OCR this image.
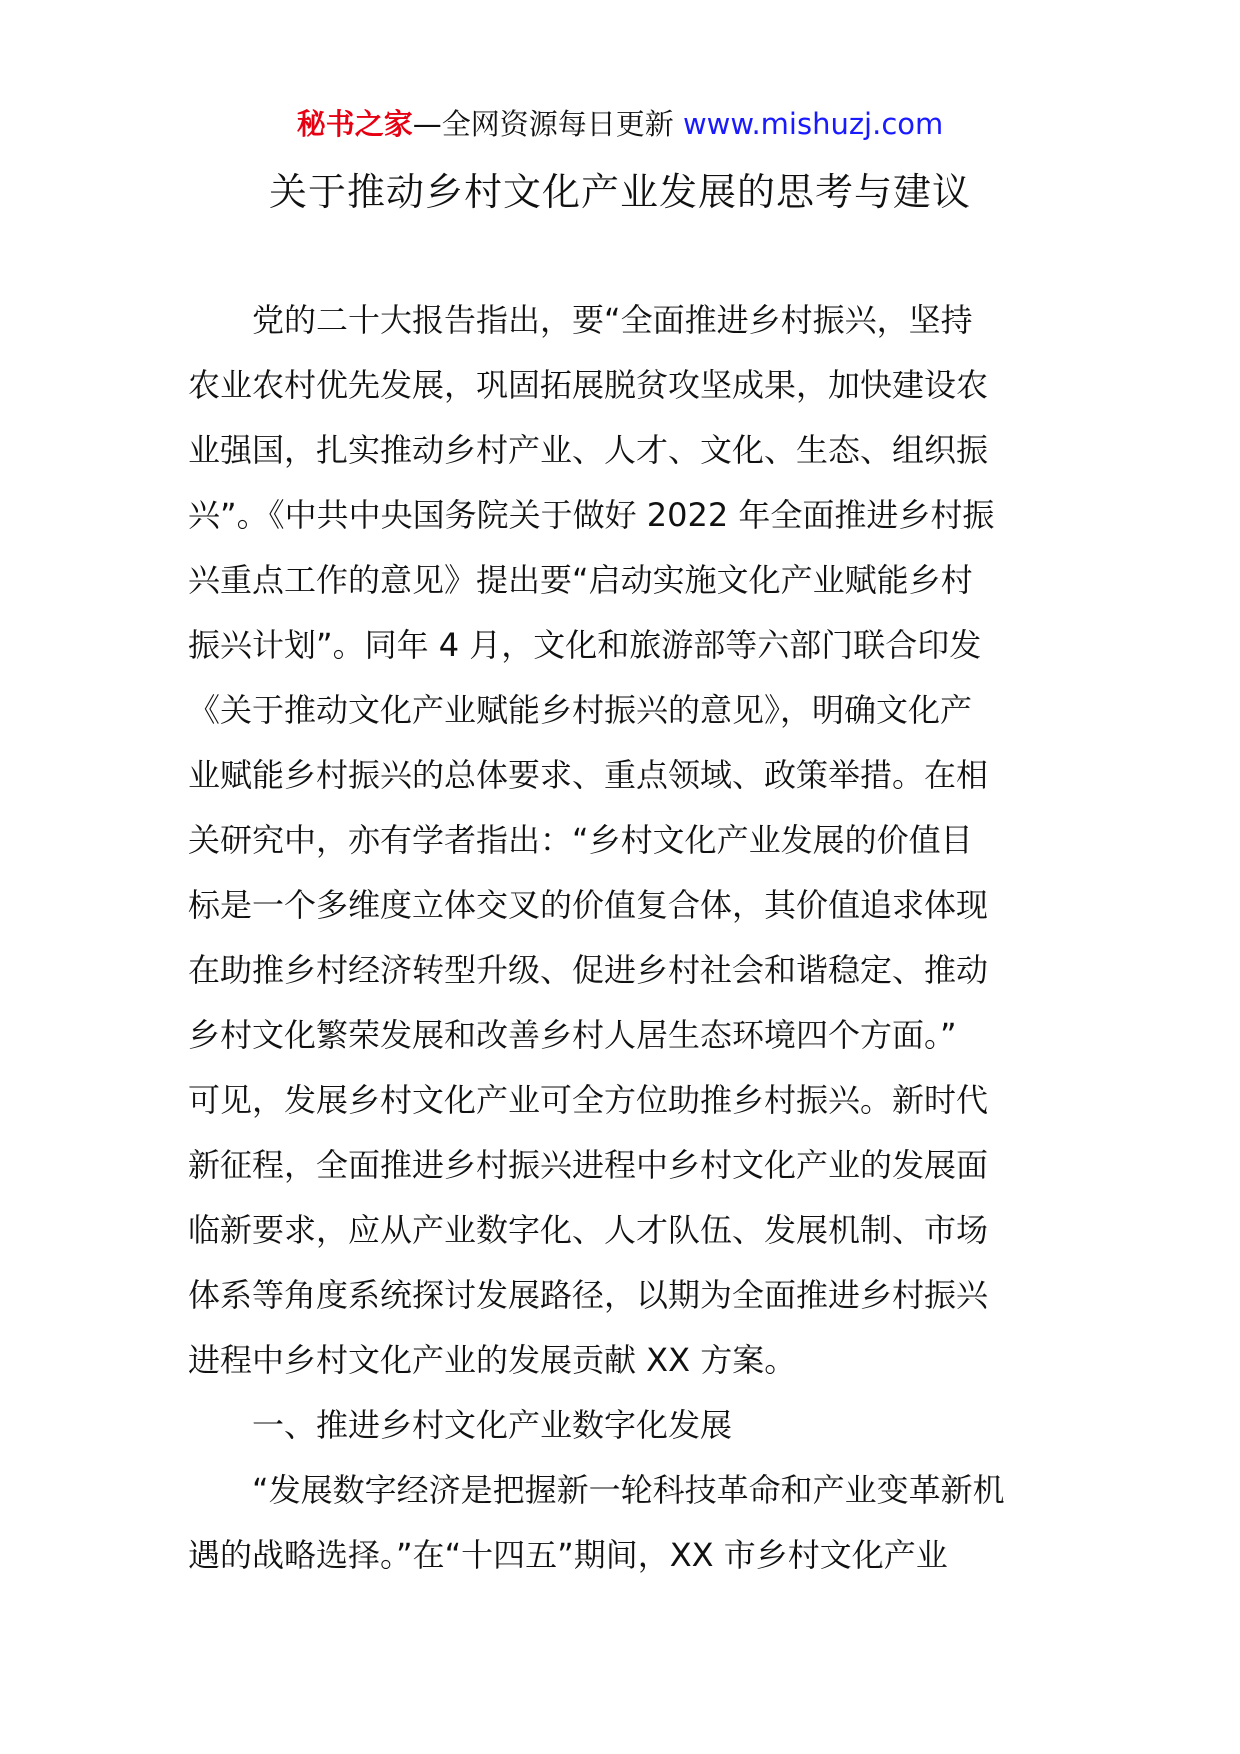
秘书之家—全网资源每日更新 www.mishuzj.com
关于推动乡村文化产业发展的思考与建议
　　党的二十大报告指出，要“全面推进乡村振兴，坚持
农业农村优先发展，巩固拓展脱贫攻坚成果，加快建设农
业强国，扎实推动乡村产业、人才、文化、生态、组织振
兴”。《中共中央国务院关于做好 2022 年全面推进乡村振
兴重点工作的意见》提出要“启动实施文化产业赋能乡村
振兴计划”。同年 4 月，文化和旅游部等六部门联合印发
《关于推动文化产业赋能乡村振兴的意见》，明确文化产
业赋能乡村振兴的总体要求、重点领域、政策举措。在相
关研究中，亦有学者指出：“乡村文化产业发展的价值目
标是一个多维度立体交叉的价值复合体，其价值追求体现
在助推乡村经济转型升级、促进乡村社会和谐稳定、推动
乡村文化繁荣发展和改善乡村人居生态环境四个方面。”
可见，发展乡村文化产业可全方位助推乡村振兴。新时代
新征程，全面推进乡村振兴进程中乡村文化产业的发展面
临新要求，应从产业数字化、人才队伍、发展机制、市场
体系等角度系统探讨发展路径，以期为全面推进乡村振兴
进程中乡村文化产业的发展贡献 XX 方案。
　　一、推进乡村文化产业数字化发展
　　“发展数字经济是把握新一轮科技革命和产业变革新机
遇的战略选择。”在“十四五”期间，XX 市乡村文化产业
